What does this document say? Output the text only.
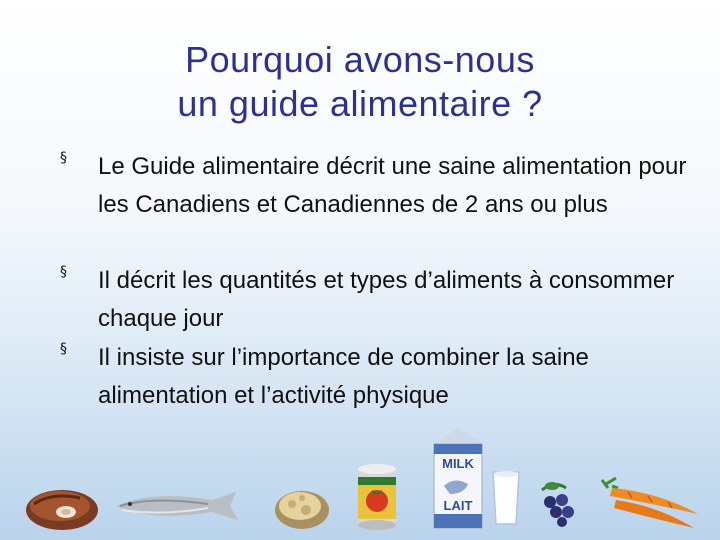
Pourquoi avons-nous
un guide alimentaire ?
§ Le Guide alimentaire décrit une saine alimentation pour les Canadiens et Canadiennes de 2 ans ou plus
§ Il décrit les quantités et types d’aliments à consommer chaque jour
§ Il insiste sur l’importance de combiner la saine alimentation et l’activité physique
MILK
LAIT
